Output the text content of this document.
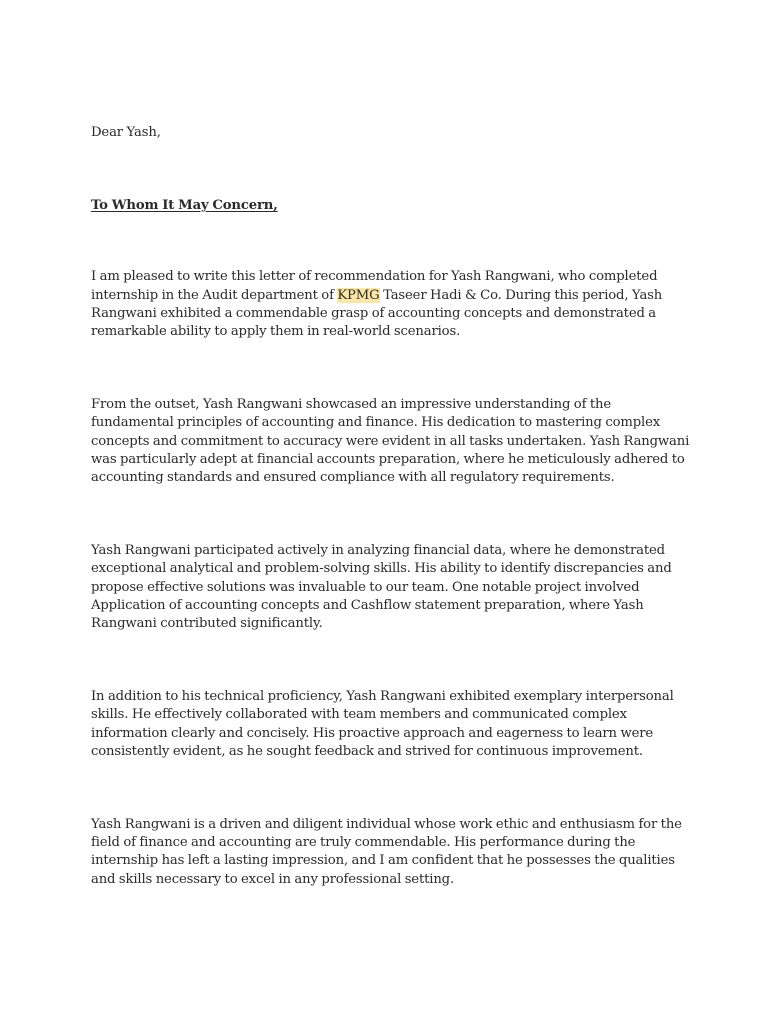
Dear Yash,

To Whom It May Concern,

I am pleased to write this letter of recommendation for Yash Rangwani, who completed internship in the Audit department of KPMG Taseer Hadi & Co. During this period, Yash Rangwani exhibited a commendable grasp of accounting concepts and demonstrated a remarkable ability to apply them in real-world scenarios.

From the outset, Yash Rangwani showcased an impressive understanding of the fundamental principles of accounting and finance. His dedication to mastering complex concepts and commitment to accuracy were evident in all tasks undertaken. Yash Rangwani was particularly adept at financial accounts preparation, where he meticulously adhered to accounting standards and ensured compliance with all regulatory requirements.

Yash Rangwani participated actively in analyzing financial data, where he demonstrated exceptional analytical and problem-solving skills. His ability to identify discrepancies and propose effective solutions was invaluable to our team. One notable project involved Application of accounting concepts and Cashflow statement preparation, where Yash Rangwani contributed significantly.

In addition to his technical proficiency, Yash Rangwani exhibited exemplary interpersonal skills. He effectively collaborated with team members and communicated complex information clearly and concisely. His proactive approach and eagerness to learn were consistently evident, as he sought feedback and strived for continuous improvement.

Yash Rangwani is a driven and diligent individual whose work ethic and enthusiasm for the field of finance and accounting are truly commendable. His performance during the internship has left a lasting impression, and I am confident that he possesses the qualities and skills necessary to excel in any professional setting.
